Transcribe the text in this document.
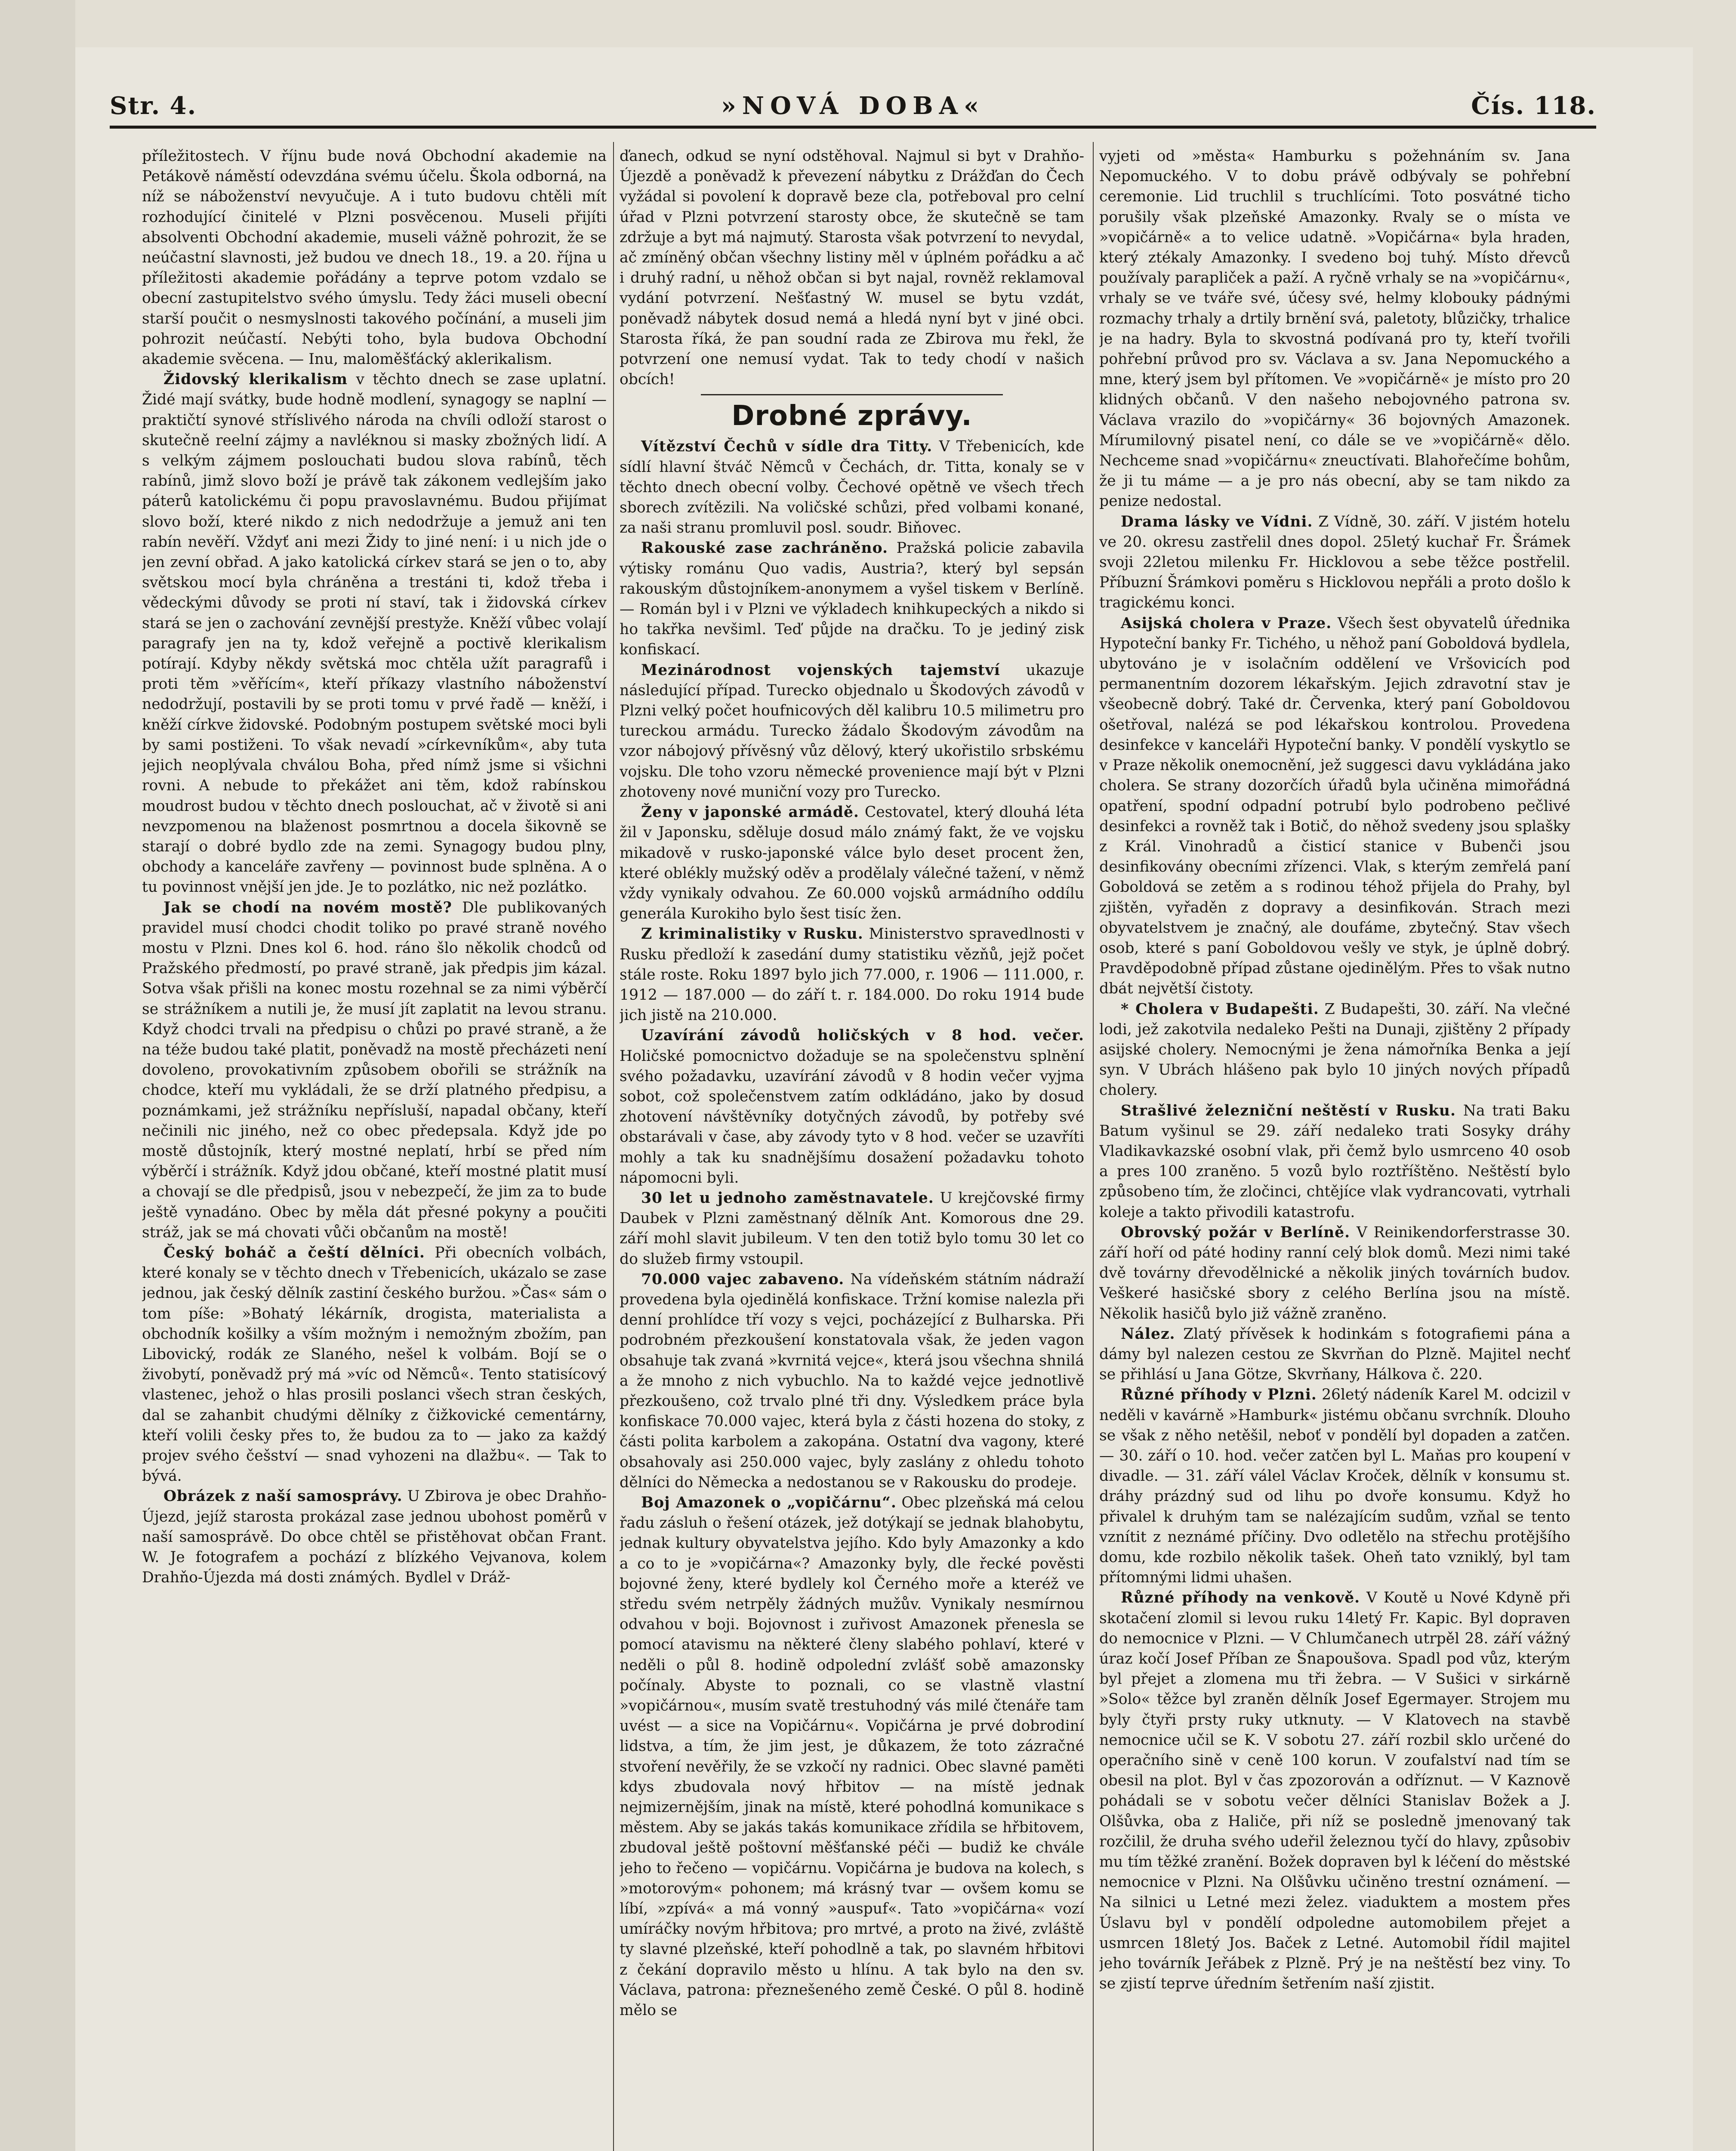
Str. 4.	»NOVÁ DOBA«	Čís. 118.

příležitostech. V říjnu bude nová Obchodní akademie na Petákově náměstí odevzdána svému účelu. Škola odborná, na níž se náboženství nevyučuje. A i tuto budovu chtěli mít rozhodující činitelé v Plzni posvěcenou. Museli přijíti absolventi Obchodní akademie, museli vážně pohrozit, že se neúčastní slavnosti, jež budou ve dnech 18., 19. a 20. října u příležitosti akademie pořádány a teprve potom vzdalo se obecní zastupitelstvo svého úmyslu. Tedy žáci museli obecní starší poučit o nesmyslnosti takového počínání, a museli jim pohrozit neúčastí. Nebýti toho, byla budova Obchodní akademie svěcena. — Inu, maloměšťácký aklerikalism.

Židovský klerikalism v těchto dnech se zase uplatní. Židé mají svátky, bude hodně modlení, synagogy se naplní — praktičtí synové stříslivého národa na chvíli odloží starost o skutečně reelní zájmy a navléknou si masky zbožných lidí. A s velkým zájmem poslouchati budou slova rabínů, těch rabínů, jimž slovo boží je právě tak zákonem vedlejším jako páterů katolickému či popu pravoslavnému. Budou přijímat slovo boží, které nikdo z nich nedodržuje a jemuž ani ten rabín nevěří. Vždyť ani mezi Židy to jiné není: i u nich jde o jen zevní obřad. A jako katolická církev stará se jen o to, aby světskou mocí byla chráněna a trestáni ti, kdož třeba i vědeckými důvody se proti ní staví, tak i židovská církev stará se jen o zachování zevnější prestyže. Kněží vůbec volají paragrafy jen na ty, kdož veřejně a poctivě klerikalism potírají. Kdyby někdy světská moc chtěla užít paragrafů i proti těm »věřícím«, kteří příkazy vlastního náboženství nedodržují, postavili by se proti tomu v prvé řadě — kněží, i kněží církve židovské. Podobným postupem světské moci byli by sami postiženi. To však nevadí »církevníkům«, aby tuta jejich neoplývala chválou Boha, před nímž jsme si všichni rovni. A nebude to překážet ani těm, kdož rabínskou moudrost budou v těchto dnech poslouchat, ač v životě si ani nevzpomenou na blaženost posmrtnou a docela šikovně se starají o dobré bydlo zde na zemi. Synagogy budou plny, obchody a kanceláře zavřeny — povinnost bude splněna. A o tu povinnost vnější jen jde. Je to pozlátko, nic než pozlátko.

Jak se chodí na novém mostě? Dle publikovaných pravidel musí chodci chodit toliko po pravé straně nového mostu v Plzni. Dnes kol 6. hod. ráno šlo několik chodců od Pražského předmostí, po pravé straně, jak předpis jim kázal. Sotva však přišli na konec mostu rozehnal se za nimi výběrčí se strážníkem a nutili je, že musí jít zaplatit na levou stranu. Když chodci trvali na předpisu o chůzi po pravé straně, a že na téže budou také platit, poněvadž na mostě přecházeti není dovoleno, provokativním způsobem obořili se strážník na chodce, kteří mu vykládali, že se drží platného předpisu, a poznámkami, jež strážníku nepřísluší, napadal občany, kteří nečinili nic jiného, než co obec předepsala. Když jde po mostě důstojník, který mostné neplatí, hrbí se před ním výběrčí i strážník. Když jdou občané, kteří mostné platit musí a chovají se dle předpisů, jsou v nebezpečí, že jim za to bude ještě vynadáno. Obec by měla dát přesné pokyny a poučiti stráž, jak se má chovati vůči občanům na mostě!

Český boháč a čeští dělníci. Při obecních volbách, které konaly se v těchto dnech v Třebenicích, ukázalo se zase jednou, jak český dělník zastiní českého buržou. »Čas« sám o tom píše: »Bohatý lékárník, drogista, materialista a obchodník košilky a vším možným i nemožným zbožím, pan Libovický, rodák ze Slaného, nešel k volbám. Bojí se o živobytí, poněvadž prý má »víc od Němců«. Tento statisícový vlastenec, jehož o hlas prosili poslanci všech stran českých, dal se zahanbit chudými dělníky z čižkovické cementárny, kteří volili česky přes to, že budou za to — jako za každý projev svého češství — snad vyhozeni na dlažbu«. — Tak to bývá.

Obrázek z naší samosprávy. U Zbirova je obec Drahňo-Újezd, jejíž starosta prokázal zase jednou ubohost poměrů v naší samosprávě. Do obce chtěl se přistěhovat občan Frant. W. Je fotografem a pochází z blízkého Vejvanova, kolem Drahňo-Újezda má dosti známých. Bydlel v Dráž-

ďanech, odkud se nyní odstěhoval. Najmul si byt v Drahňo-Újezdě a poněvadž k převezení nábytku z Drážďan do Čech vyžádal si povolení k dopravě beze cla, potřeboval pro celní úřad v Plzni potvrzení starosty obce, že skutečně se tam zdržuje a byt má najmutý. Starosta však potvrzení to nevydal, ač zmíněný občan všechny listiny měl v úplném pořádku a ač i druhý radní, u něhož občan si byt najal, rovněž reklamoval vydání potvrzení. Nešťastný W. musel se bytu vzdát, poněvadž nábytek dosud nemá a hledá nyní byt v jiné obci. Starosta říká, že pan soudní rada ze Zbirova mu řekl, že potvrzení one nemusí vydat. Tak to tedy chodí v našich obcích!

Drobné zprávy.

Vítězství Čechů v sídle dra Titty. V Třebenicích, kde sídlí hlavní štváč Němců v Čechách, dr. Titta, konaly se v těchto dnech obecní volby. Čechové opětně ve všech třech sborech zvítězili. Na voličské schůzi, před volbami konané, za naši stranu promluvil posl. soudr. Biňovec.

Rakouské zase zachráněno. Pražská policie zabavila výtisky románu Quo vadis, Austria?, který byl sepsán rakouským důstojníkem-anonymem a vyšel tiskem v Berlíně. — Román byl i v Plzni ve výkladech knihkupeckých a nikdo si ho takřka nevšiml. Teď půjde na dračku. To je jediný zisk konfiskací.

Mezinárodnost vojenských tajemství ukazuje následující případ. Turecko objednalo u Škodových závodů v Plzni velký počet houfnicových děl kalibru 10.5 milimetru pro tureckou armádu. Turecko žádalo Škodovým závodům na vzor nábojový přívěsný vůz dělový, který ukořistilo srbskému vojsku. Dle toho vzoru německé provenience mají být v Plzni zhotoveny nové muniční vozy pro Turecko.

Ženy v japonské armádě. Cestovatel, který dlouhá léta žil v Japonsku, sděluje dosud málo známý fakt, že ve vojsku mikadově v rusko-japonské válce bylo deset procent žen, které oblékly mužský oděv a prodělaly válečné tažení, v němž vždy vynikaly odvahou. Ze 60.000 vojsků armádního oddílu generála Kurokiho bylo šest tisíc žen.

Z kriminalistiky v Rusku. Ministerstvo spravedlnosti v Rusku předloží k zasedání dumy statistiku vězňů, jejž počet stále roste. Roku 1897 bylo jich 77.000, r. 1906 — 111.000, r. 1912 — 187.000 — do září t. r. 184.000. Do roku 1914 bude jich jistě na 210.000.

Uzavírání závodů holičských v 8 hod. večer. Holičské pomocnictvo dožaduje se na společenstvu splnění svého požadavku, uzavírání závodů v 8 hodin večer vyjma sobot, což společenstvem zatím odkládáno, jako by dosud zhotovení návštěvníky dotyčných závodů, by potřeby své obstarávali v čase, aby závody tyto v 8 hod. večer se uzavříti mohly a tak ku snadnějšímu dosažení požadavku tohoto nápomocni byli.

30 let u jednoho zaměstnavatele. U krejčovské firmy Daubek v Plzni zaměstnaný dělník Ant. Komorous dne 29. září mohl slavit jubileum. V ten den totiž bylo tomu 30 let co do služeb firmy vstoupil.

70.000 vajec zabaveno. Na vídeňském státním nádraží provedena byla ojedinělá konfiskace. Tržní komise nalezla při denní prohlídce tří vozy s vejci, pocházející z Bulharska. Při podrobném přezkoušení konstatovala však, že jeden vagon obsahuje tak zvaná »kvrnitá vejce«, která jsou všechna shnilá a že mnoho z nich vybuchlo. Na to každé vejce jednotlivě přezkoušeno, což trvalo plné tři dny. Výsledkem práce byla konfiskace 70.000 vajec, která byla z části hozena do stoky, z části polita karbolem a zakopána. Ostatní dva vagony, které obsahovaly asi 250.000 vajec, byly zaslány z ohledu tohoto dělníci do Německa a nedostanou se v Rakousku do prodeje.

Boj Amazonek o „vopičárnu“. Obec plzeňská má celou řadu zásluh o řešení otázek, jež dotýkají se jednak blahobytu, jednak kultury obyvatelstva jejího. Kdo byly Amazonky a kdo a co to je »vopičárna«? Amazonky byly, dle řecké pověsti bojovné ženy, které bydlely kol Černého moře a kteréž ve středu svém netrpěly žádných mužův. Vynikaly nesmírnou odvahou v boji. Bojovnost i zuřivost Amazonek přenesla se pomocí atavismu na některé členy slabého pohlaví, které v neděli o půl 8. hodině odpolední zvlášť sobě amazonsky počínaly. Abyste to poznali, co se vlastně vlastní »vopičárnou«, musím svatě trestuhodný vás milé čtenáře tam uvést — a sice na Vopičárnu«. Vopičárna je prvé dobrodiní lidstva, a tím, že jim jest, je důkazem, že toto zázračné stvoření nevěřily, že se vzkočí ny radnici. Obec slavné paměti kdys zbudovala nový hřbitov — na místě jednak nejmizernějším, jinak na místě, které pohodlná komunikace s městem. Aby se jakás takás komunikace zřídila se hřbitovem, zbudoval ještě poštovní měšťanské péči — budiž ke chvále jeho to řečeno — vopičárnu. Vopičárna je budova na kolech, s »motorovým« pohonem; má krásný tvar — ovšem komu se líbí, »zpívá« a má vonný »auspuf«. Tato »vopičárna« vozí umíráčky novým hřbitova; pro mrtvé, a proto na živé, zvláště ty slavné plzeňské, kteří pohodlně a tak, po slavném hřbitovi z čekání dopravilo město u hlínu. A tak bylo na den sv. Václava, patrona: přeznešeného země České. O půl 8. hodině mělo se

vyjeti od »města« Hamburku s požehnáním sv. Jana Nepomuckého. V to dobu právě odbývaly se pohřební ceremonie. Lid truchlil s truchlícími. Toto posvátné ticho porušily však plzeňské Amazonky. Rvaly se o místa ve »vopičárně« a to velice udatně. »Vopičárna« byla hraden, který ztékaly Amazonky. I svedeno boj tuhý. Místo dřevců používaly parapliček a paží. A ryčně vrhaly se na »vopičárnu«, vrhaly se ve tváře své, účesy své, helmy klobouky pádnými rozmachy trhaly a drtily brnění svá, paletoty, blůzičky, trhalice je na hadry. Byla to skvostná podívaná pro ty, kteří tvořili pohřební průvod pro sv. Václava a sv. Jana Nepomuckého a mne, který jsem byl přítomen. Ve »vopičárně« je místo pro 20 klidných občanů. V den našeho nebojovného patrona sv. Václava vrazilo do »vopičárny« 36 bojovných Amazonek. Mírumilovný pisatel není, co dále se ve »vopičárně« dělo. Nechceme snad »vopičárnu« zneuctívati. Blahořečíme bohům, že ji tu máme — a je pro nás obecní, aby se tam nikdo za penize nedostal.

Drama lásky ve Vídni. Z Vídně, 30. září. V jistém hotelu ve 20. okresu zastřelil dnes dopol. 25letý kuchař Fr. Šrámek svoji 22letou milenku Fr. Hicklovou a sebe těžce postřelil. Příbuzní Šrámkovi poměru s Hicklovou nepřáli a proto došlo k tragickému konci.

Asijská cholera v Praze. Všech šest obyvatelů úřednika Hypoteční banky Fr. Tichého, u něhož paní Goboldová bydlela, ubytováno je v isolačním oddělení ve Vršovicích pod permanentním dozorem lékařským. Jejich zdravotní stav je všeobecně dobrý. Také dr. Červenka, který paní Goboldovou ošetřoval, nalézá se pod lékařskou kontrolou. Provedena desinfekce v kanceláři Hypoteční banky. V pondělí vyskytlo se v Praze několik onemocnění, jež suggesci davu vykládána jako cholera. Se strany dozorčích úřadů byla učiněna mimořádná opatření, spodní odpadní potrubí bylo podrobeno pečlivé desinfekci a rovněž tak i Botič, do něhož svedeny jsou splašky z Král. Vinohradů a čisticí stanice v Bubenči jsou desinfikovány obecními zřízenci. Vlak, s kterým zemřelá paní Goboldová se zetěm a s rodinou téhož přijela do Prahy, byl zjištěn, vyřaděn z dopravy a desinfikován. Strach mezi obyvatelstvem je značný, ale doufáme, zbytečný. Stav všech osob, které s paní Goboldovou vešly ve styk, je úplně dobrý. Pravděpodobně případ zůstane ojedinělým. Přes to však nutno dbát největší čistoty.

* Cholera v Budapešti. Z Budapešti, 30. září. Na vlečné lodi, jež zakotvila nedaleko Pešti na Dunaji, zjištěny 2 případy asijské cholery. Nemocnými je žena námořníka Benka a její syn. V Ubrách hlášeno pak bylo 10 jiných nových případů cholery.

Strašlivé železniční neštěstí v Rusku. Na trati Baku Batum vyšinul se 29. září nedaleko trati Sosyky dráhy Vladikavkazské osobní vlak, při čemž bylo usmrceno 40 osob a pres 100 zraněno. 5 vozů bylo roztříštěno. Neštěstí bylo způsobeno tím, že zločinci, chtějíce vlak vydrancovati, vytrhali koleje a takto přivodili katastrofu.

Obrovský požár v Berlíně. V Reinikendorferstrasse 30. září hoří od páté hodiny ranní celý blok domů. Mezi nimi také dvě továrny dřevodělnické a několik jiných továrních budov. Veškeré hasičské sbory z celého Berlína jsou na místě. Několik hasičů bylo již vážně zraněno.

Nález. Zlatý přívěsek k hodinkám s fotografiemi pána a dámy byl nalezen cestou ze Skvrňan do Plzně. Majitel nechť se přihlásí u Jana Götze, Skvrňany, Hálkova č. 220.

Různé příhody v Plzni. 26letý nádeník Karel M. odcizil v neděli v kavárně »Hamburk« jistému občanu svrchník. Dlouho se však z něho netěšil, neboť v pondělí byl dopaden a zatčen. — 30. září o 10. hod. večer zatčen byl L. Maňas pro koupení v divadle. — 31. září válel Václav Kroček, dělník v konsumu st. dráhy prázdný sud od lihu po dvoře konsumu. Když ho přivalel k druhým tam se nalézajícím sudům, vzňal se tento vznítit z neznámé příčiny. Dvo odletělo na střechu protějšího domu, kde rozbilo několik tašek. Oheň tato vzniklý, byl tam přítomnými lidmi uhašen.

Různé příhody na venkově. V Koutě u Nové Kdyně při skotačení zlomil si levou ruku 14letý Fr. Kapic. Byl dopraven do nemocnice v Plzni. — V Chlumčanech utrpěl 28. září vážný úraz kočí Josef Příban ze Šnapoušova. Spadl pod vůz, kterým byl přejet a zlomena mu tři žebra. — V Sušici v sirkárně »Solo« těžce byl zraněn dělník Josef Egermayer. Strojem mu byly čtyři prsty ruky utknuty. — V Klatovech na stavbě nemocnice učil se K. V sobotu 27. září rozbil sklo určené do operačního sině v ceně 100 korun. V zoufalství nad tím se obesil na plot. Byl v čas zpozorován a odříznut. — V Kaznově pohádali se v sobotu večer dělníci Stanislav Božek a J. Olšůvka, oba z Haliče, při níž se posledně jmenovaný tak rozčilil, že druha svého udeřil železnou tyčí do hlavy, způsobiv mu tím těžké zranění. Božek dopraven byl k léčení do městské nemocnice v Plzni. Na Olšůvku učiněno trestní oznámení. — Na silnici u Letné mezi želez. viaduktem a mostem přes Úslavu byl v pondělí odpoledne automobilem přejet a usmrcen 18letý Jos. Baček z Letné. Automobil řídil majitel jeho továrník Jeřábek z Plzně. Prý je na neštěstí bez viny. To se zjistí teprve úředním šetřením naší zjistit.
